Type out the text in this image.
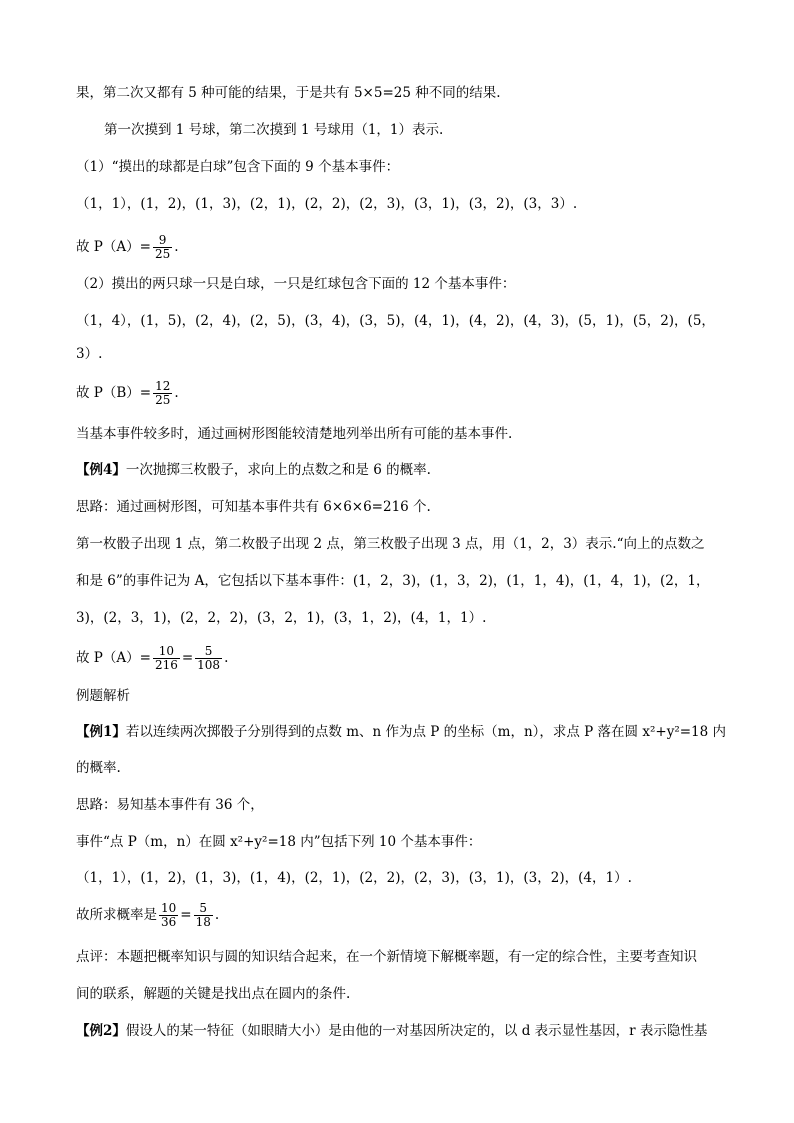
果，第二次又都有 5 种可能的结果，于是共有 5×5=25 种不同的结果.
第一次摸到 1 号球，第二次摸到 1 号球用（1，1）表示.
（1）“摸出的球都是白球”包含下面的 9 个基本事件：
（1，1），(1，2)，(1，3)，(2，1)，(2，2)，(2，3)，(3，1)，(3，2)，(3，3）.
故 $P(A)= \frac{9}{25}$ .
（2）摸出的两只球一只是白球，一只是红球包含下面的 12 个基本事件：
（1，4），(1，5)，(2，4)，(2，5)，(3，4)，(3，5)，(4，1)，(4，2)，(4，3)，(5，1)，(5，2)，(5，
3）.
故 $P(B)= \frac{12}{25}$ .
当基本事件较多时，通过画树形图能较清楚地列举出所有可能的基本事件.
【例4】一次抛掷三枚骰子，求向上的点数之和是 6 的概率.
思路：通过画树形图，可知基本事件共有 6×6×6=216 个.
第一枚骰子出现 1 点，第二枚骰子出现 2 点，第三枚骰子出现 3 点，用（1，2，3）表示.“向上的点数之
和是 6”的事件记为 A，它包括以下基本事件：(1，2，3)，(1，3，2)，(1，1，4)，(1，4，1)，(2，1，
3)，(2，3，1)，(2，2，2)，(3，2，1)，(3，1，2)，(4，1，1）.
故 $P(A)= \frac{10}{216} = \frac{5}{108}$ .
例题解析
【例1】若以连续两次掷骰子分别得到的点数 m、n 作为点 P 的坐标（m，n），求点 P 落在圆 x²+y²=18 内
的概率.
思路：易知基本事件有 36 个，
事件“点 P（m，n）在圆 x²+y²=18 内”包括下列 10 个基本事件：
（1，1），(1，2)，(1，3)，(1，4)，(2，1)，(2，2)，(2，3)，(3，1)，(3，2)，(4，1）.
故所求概率是 $\frac{10}{36} = \frac{5}{18}$ .
点评：本题把概率知识与圆的知识结合起来，在一个新情境下解概率题，有一定的综合性，主要考查知识
间的联系，解题的关键是找出点在圆内的条件.
【例2】假设人的某一特征（如眼睛大小）是由他的一对基因所决定的，以 d 表示显性基因，r 表示隐性基
